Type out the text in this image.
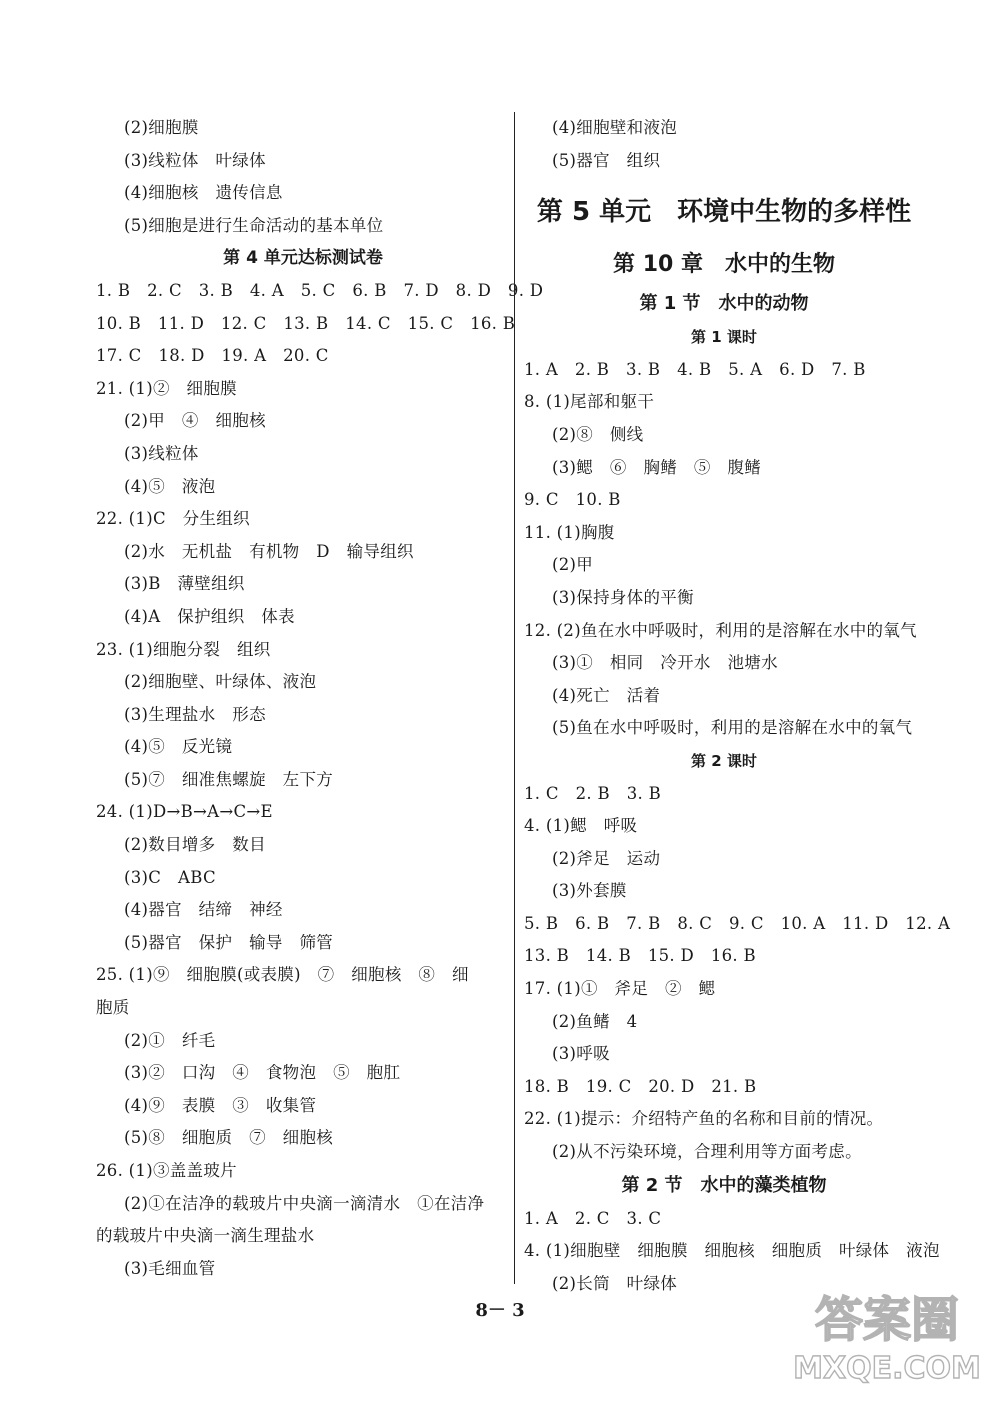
(2)细胞膜
(3)线粒体　叶绿体
(4)细胞核　遗传信息
(5)细胞是进行生命活动的基本单位
第 4 单元达标测试卷
1. B　2. C　3. B　4. A　5. C　6. B　7. D　8. D　9. D
10. B　11. D　12. C　13. B　14. C　15. C　16. B
17. C　18. D　19. A　20. C
21. (1)②　细胞膜
(2)甲　④　细胞核
(3)线粒体
(4)⑤　液泡
22. (1)C　分生组织
(2)水　无机盐　有机物　D　输导组织
(3)B　薄壁组织
(4)A　保护组织　体表
23. (1)细胞分裂　组织
(2)细胞壁、叶绿体、液泡
(3)生理盐水　形态
(4)⑤　反光镜
(5)⑦　细准焦螺旋　左下方
24. (1)D→B→A→C→E
(2)数目增多　数目
(3)C　ABC
(4)器官　结缔　神经
(5)器官　保护　输导　筛管
25. (1)⑨　细胞膜(或表膜)　⑦　细胞核　⑧　细
胞质
(2)①　纤毛
(3)②　口沟　④　食物泡　⑤　胞肛
(4)⑨　表膜　③　收集管
(5)⑧　细胞质　⑦　细胞核
26. (1)③盖盖玻片
(2)①在洁净的载玻片中央滴一滴清水　①在洁净
的载玻片中央滴一滴生理盐水
(3)毛细血管
(4)细胞壁和液泡
(5)器官　组织
第 5 单元　环境中生物的多样性
第 10 章　水中的生物
第 1 节　水中的动物
第 1 课时
1. A　2. B　3. B　4. B　5. A　6. D　7. B
8. (1)尾部和躯干
(2)⑧　侧线
(3)鳃　⑥　胸鳍　⑤　腹鳍
9. C　10. B
11. (1)胸腹
(2)甲
(3)保持身体的平衡
12. (2)鱼在水中呼吸时，利用的是溶解在水中的氧气
(3)①　相同　冷开水　池塘水
(4)死亡　活着
(5)鱼在水中呼吸时，利用的是溶解在水中的氧气
第 2 课时
1. C　2. B　3. B
4. (1)鳃　呼吸
(2)斧足　运动
(3)外套膜
5. B　6. B　7. B　8. C　9. C　10. A　11. D　12. A
13. B　14. B　15. D　16. B
17. (1)①　斧足　②　鳃
(2)鱼鳍　4
(3)呼吸
18. B　19. C　20. D　21. B
22. (1)提示：介绍特产鱼的名称和目前的情况。
(2)从不污染环境，合理利用等方面考虑。
第 2 节　水中的藻类植物
1. A　2. C　3. C
4. (1)细胞壁　细胞膜　细胞核　细胞质　叶绿体　液泡
(2)长筒　叶绿体
8－ 3	答案圈
MXQE.COM
